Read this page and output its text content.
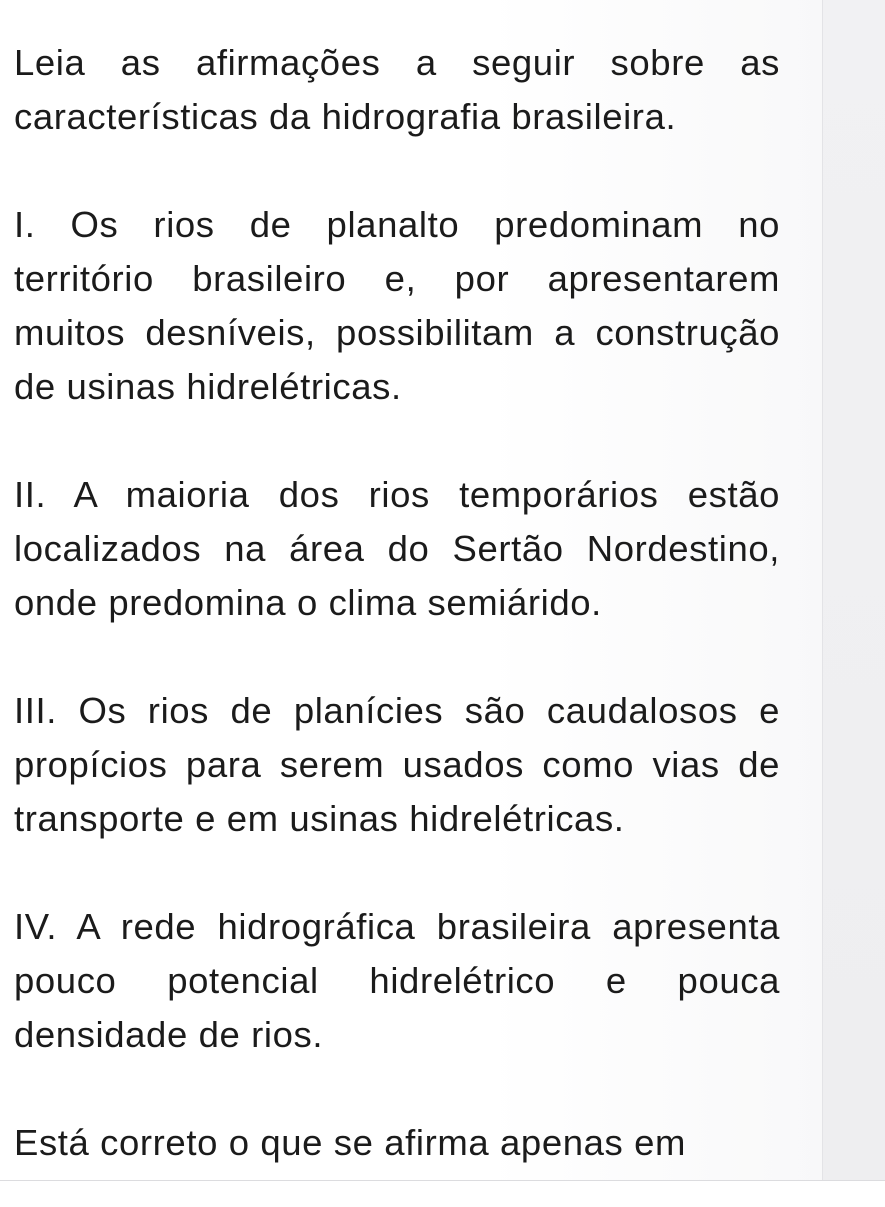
Leia as afirmações a seguir sobre as características da hidrografia brasileira.

I. Os rios de planalto predominam no território brasileiro e, por apresentarem muitos desníveis, possibilitam a construção de usinas hidrelétricas.

II. A maioria dos rios temporários estão localizados na área do Sertão Nordestino, onde predomina o clima semiárido.

III. Os rios de planícies são caudalosos e propícios para serem usados como vias de transporte e em usinas hidrelétricas.

IV. A rede hidrográfica brasileira apresenta pouco potencial hidrelétrico e pouca densidade de rios.

Está correto o que se afirma apenas em
